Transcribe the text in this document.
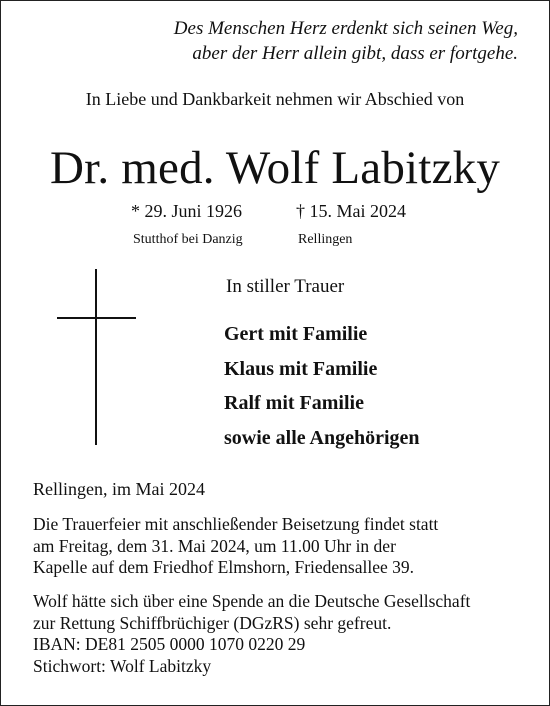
Des Menschen Herz erdenkt sich seinen Weg,
aber der Herr allein gibt, dass er fortgehe.
In Liebe und Dankbarkeit nehmen wir Abschied von
Dr. med. Wolf Labitzky
* 29. Juni 1926	† 15. Mai 2024
Stutthof bei Danzig	Rellingen
In stiller Trauer
Gert mit Familie
Klaus mit Familie
Ralf mit Familie
sowie alle Angehörigen
Rellingen, im Mai 2024
Die Trauerfeier mit anschließender Beisetzung findet statt
am Freitag, dem 31. Mai 2024, um 11.00 Uhr in der
Kapelle auf dem Friedhof Elmshorn, Friedensallee 39.
Wolf hätte sich über eine Spende an die Deutsche Gesellschaft
zur Rettung Schiffbrüchiger (DGzRS) sehr gefreut.
IBAN: DE81 2505 0000 1070 0220 29
Stichwort: Wolf Labitzky
